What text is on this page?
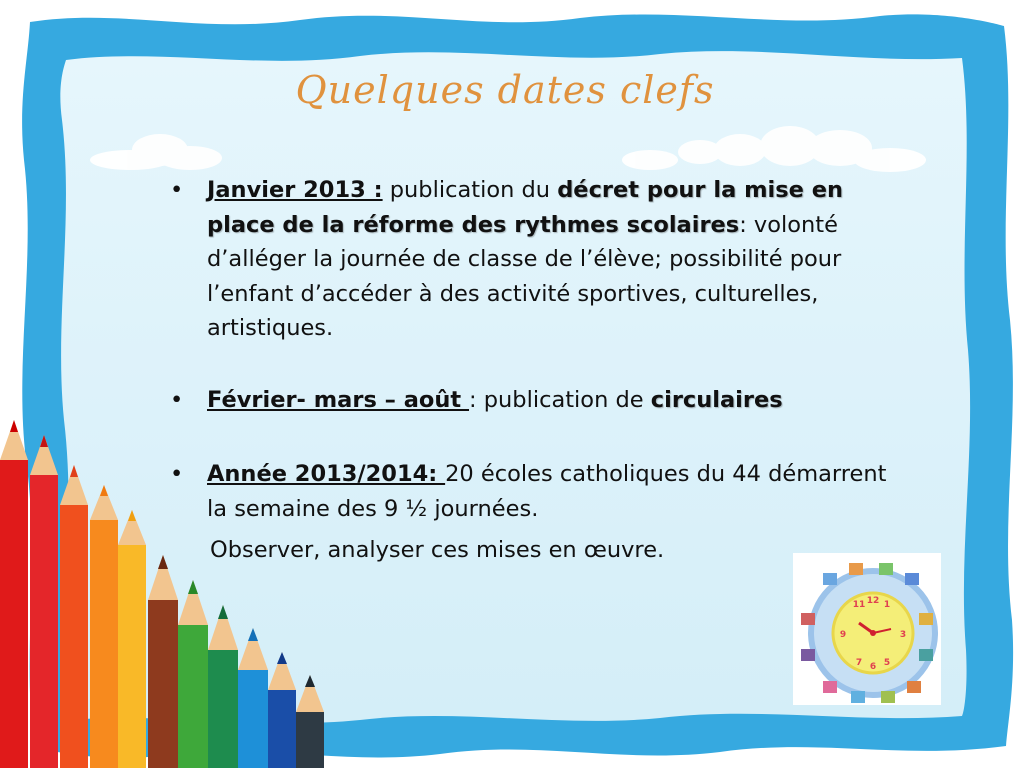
Quelques dates clefs
• Janvier 2013 : publication du décret pour la mise en place de la réforme des rythmes scolaires: volonté d’alléger la journée de classe de l’élève; possibilité pour l’enfant d’accéder à des activité sportives, culturelles, artistiques.
• Février- mars – août : publication de circulaires
• Année 2013/2014: 20 écoles catholiques du 44 démarrent la semaine des 9 ½ journées.
Observer, analyser ces mises en œuvre.
12
3
6
9
11 1
7 5
